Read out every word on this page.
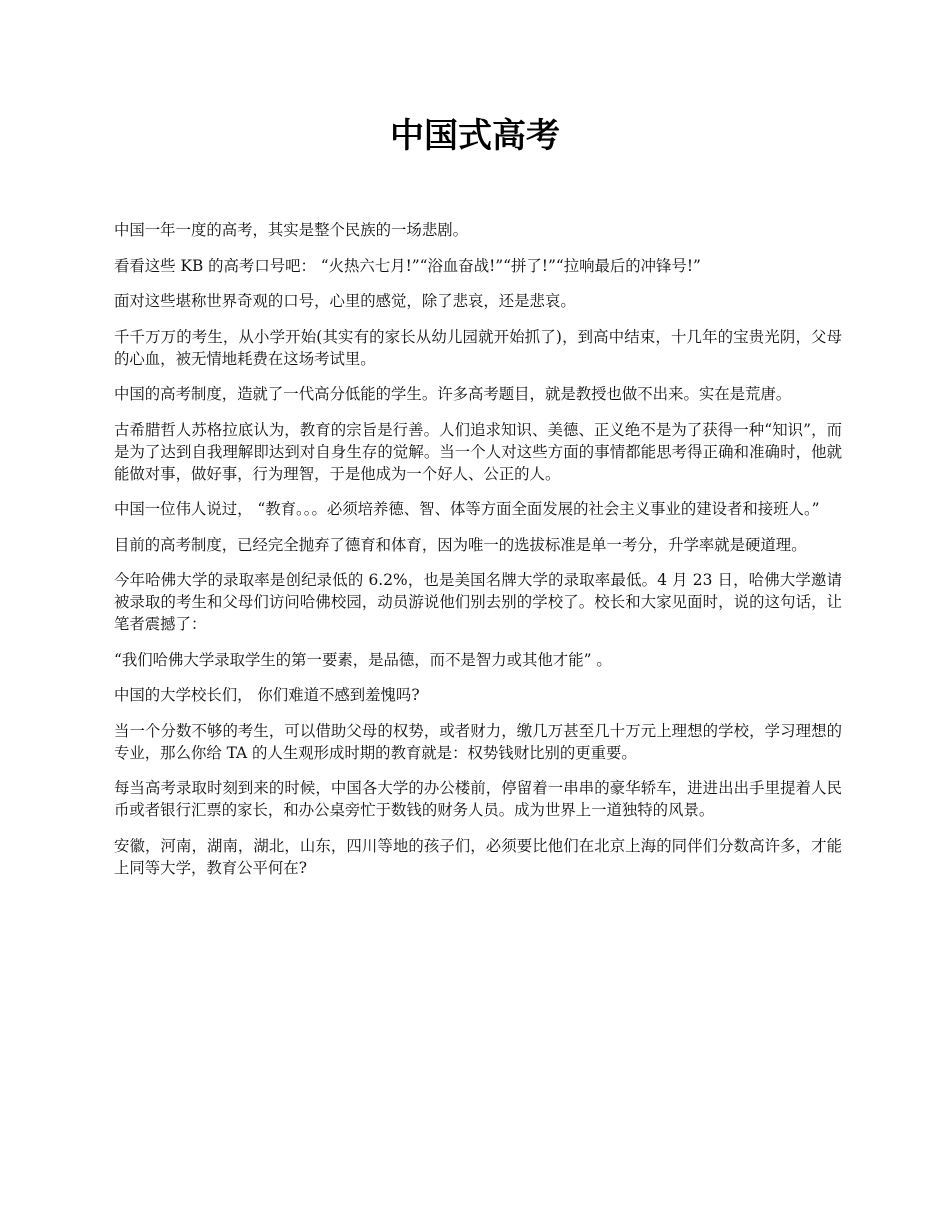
中国式高考

中国一年一度的高考，其实是整个民族的一场悲剧。

看看这些 KB 的高考口号吧： “火热六七月!”“浴血奋战!”“拼了!”“拉响最后的冲锋号!”

面对这些堪称世界奇观的口号，心里的感觉，除了悲哀，还是悲哀。

千千万万的考生，从小学开始(其实有的家长从幼儿园就开始抓了)，到高中结束，十几年的宝贵光阴，父母的心血，被无情地耗费在这场考试里。

中国的高考制度，造就了一代高分低能的学生。许多高考题目，就是教授也做不出来。实在是荒唐。

古希腊哲人苏格拉底认为，教育的宗旨是行善。人们追求知识、美德、正义绝不是为了获得一种“知识”，而是为了达到自我理解即达到对自身生存的觉解。当一个人对这些方面的事情都能思考得正确和准确时，他就能做对事，做好事，行为理智，于是他成为一个好人、公正的人。

中国一位伟人说过， “教育。。。必须培养德、智、体等方面全面发展的社会主义事业的建设者和接班人。”

目前的高考制度，已经完全抛弃了德育和体育，因为唯一的选拔标准是单一考分，升学率就是硬道理。

今年哈佛大学的录取率是创纪录低的 6.2%，也是美国名牌大学的录取率最低。4 月 23 日，哈佛大学邀请被录取的考生和父母们访问哈佛校园，动员游说他们别去别的学校了。校长和大家见面时，说的这句话，让笔者震撼了：

“我们哈佛大学录取学生的第一要素，是品德，而不是智力或其他才能” 。

中国的大学校长们， 你们难道不感到羞愧吗?

当一个分数不够的考生，可以借助父母的权势，或者财力，缴几万甚至几十万元上理想的学校，学习理想的专业，那么你给 TA 的人生观形成时期的教育就是：权势钱财比别的更重要。

每当高考录取时刻到来的时候，中国各大学的办公楼前，停留着一串串的豪华轿车，进进出出手里提着人民币或者银行汇票的家长，和办公桌旁忙于数钱的财务人员。成为世界上一道独特的风景。

安徽，河南，湖南，湖北，山东，四川等地的孩子们，必须要比他们在北京上海的同伴们分数高许多，才能上同等大学，教育公平何在?
